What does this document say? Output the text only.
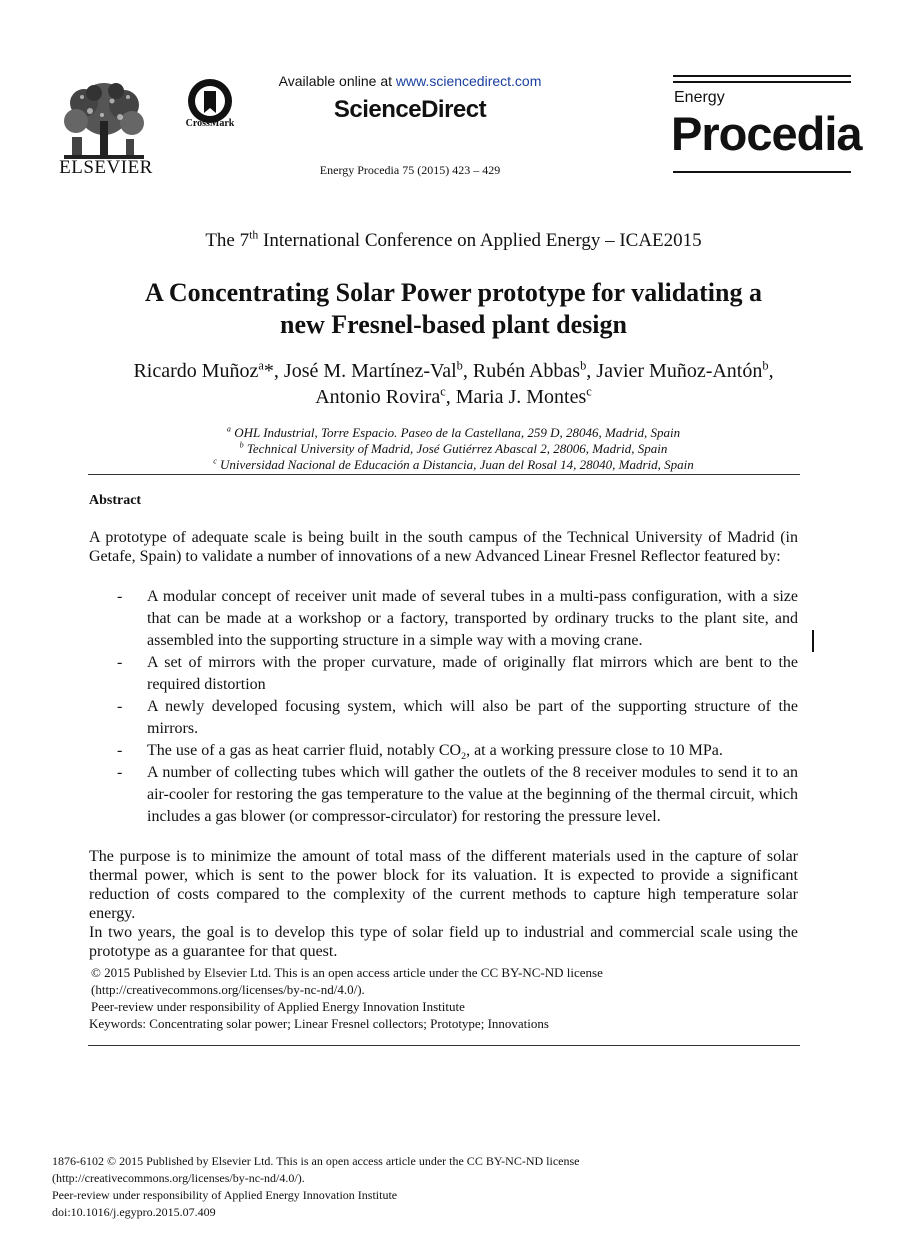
ELSEVIER
CrossMark
Available online at www.sciencedirect.com
ScienceDirect
Energy Procedia 75 (2015) 423 – 429
Energy
Procedia
The 7th International Conference on Applied Energy – ICAE2015
A Concentrating Solar Power prototype for validating a
new Fresnel-based plant design
Ricardo Muñoz$^a$*, José M. Martínez-Val$^b$, Rubén Abbas$^b$, Javier Muñoz-Antón$^b$,
Antonio Rovira$^c$, Maria J. Montes$^c$
$^a$ OHL Industrial, Torre Espacio. Paseo de la Castellana, 259 D, 28046, Madrid, Spain
$^b$ Technical University of Madrid, José Gutiérrez Abascal 2, 28006, Madrid, Spain
$^c$ Universidad Nacional de Educación a Distancia, Juan del Rosal 14, 28040, Madrid, Spain
Abstract
A prototype of adequate scale is being built in the south campus of the Technical University of Madrid (in Getafe, Spain) to validate a number of innovations of a new Advanced Linear Fresnel Reflector featured by:
- A modular concept of receiver unit made of several tubes in a multi-pass configuration, with a size that can be made at a workshop or a factory, transported by ordinary trucks to the plant site, and assembled into the supporting structure in a simple way with a moving crane.
- A set of mirrors with the proper curvature, made of originally flat mirrors which are bent to the required distortion
- A newly developed focusing system, which will also be part of the supporting structure of the mirrors.
- The use of a gas as heat carrier fluid, notably $CO_2$, at a working pressure close to 10 MPa.
- A number of collecting tubes which will gather the outlets of the 8 receiver modules to send it to an air-cooler for restoring the gas temperature to the value at the beginning of the thermal circuit, which includes a gas blower (or compressor-circulator) for restoring the pressure level.
The purpose is to minimize the amount of total mass of the different materials used in the capture of solar thermal power, which is sent to the power block for its valuation. It is expected to provide a significant reduction of costs compared to the complexity of the current methods to capture high temperature solar energy.
In two years, the goal is to develop this type of solar field up to industrial and commercial scale using the prototype as a guarantee for that quest.
© 2015 Published by Elsevier Ltd. This is an open access article under the CC BY-NC-ND license
(http://creativecommons.org/licenses/by-nc-nd/4.0/).
Peer-review under responsibility of Applied Energy Innovation Institute
Keywords: Concentrating solar power; Linear Fresnel collectors; Prototype; Innovations
1876-6102 © 2015 Published by Elsevier Ltd. This is an open access article under the CC BY-NC-ND license
(http://creativecommons.org/licenses/by-nc-nd/4.0/).
Peer-review under responsibility of Applied Energy Innovation Institute
doi:10.1016/j.egypro.2015.07.409
